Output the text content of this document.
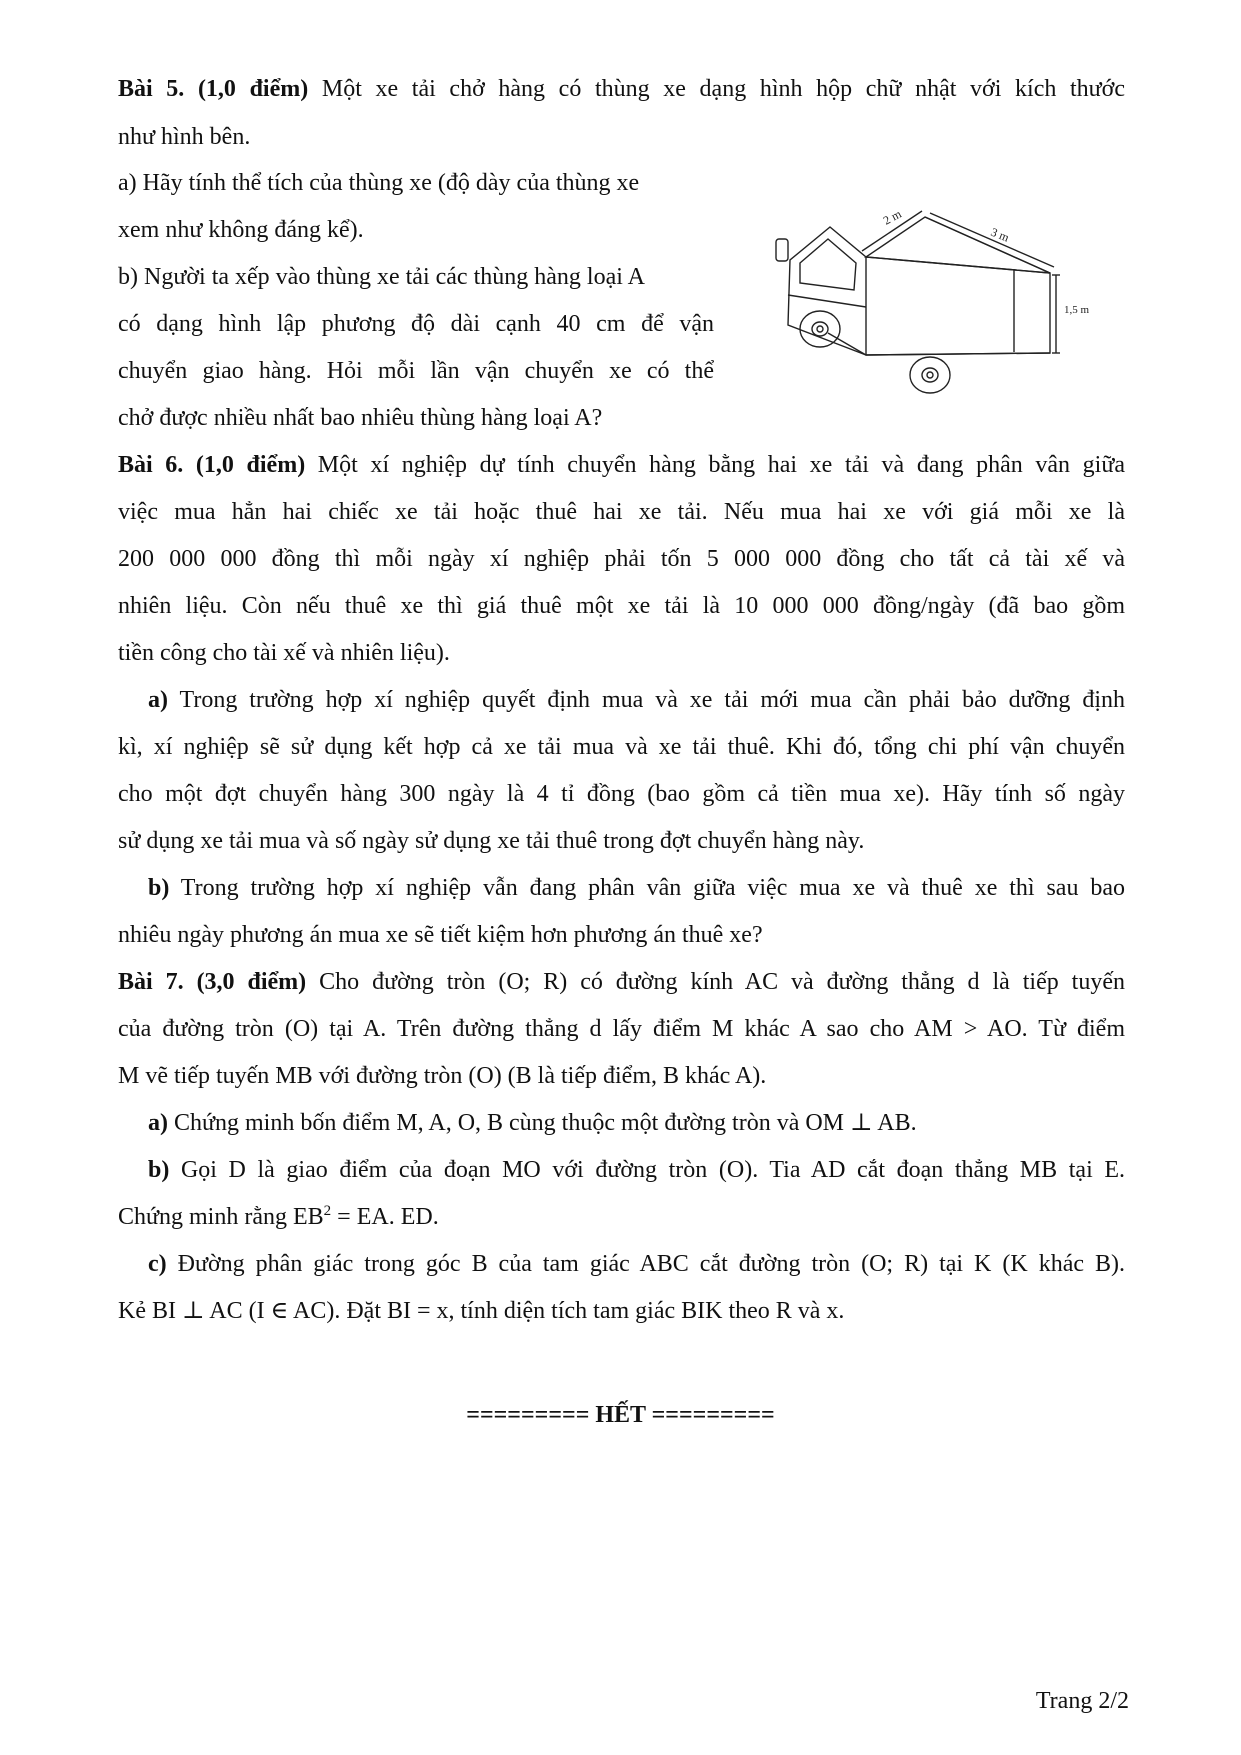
Bài 5. (1,0 điểm) Một xe tải chở hàng có thùng xe dạng hình hộp chữ nhật với kích thước
như hình bên.
a) Hãy tính thể tích của thùng xe (độ dày của thùng xe
xem như không đáng kể).
b) Người ta xếp vào thùng xe tải các thùng hàng loại A
có dạng hình lập phương độ dài cạnh 40 cm để vận
chuyển giao hàng. Hỏi mỗi lần vận chuyển xe có thể
chở được nhiều nhất bao nhiêu thùng hàng loại A?
2 m
3 m
1,5 m
Bài 6. (1,0 điểm) Một xí nghiệp dự tính chuyển hàng bằng hai xe tải và đang phân vân giữa
việc mua hẳn hai chiếc xe tải hoặc thuê hai xe tải. Nếu mua hai xe với giá mỗi xe là
200 000 000 đồng thì mỗi ngày xí nghiệp phải tốn 5 000 000 đồng cho tất cả tài xế và
nhiên liệu. Còn nếu thuê xe thì giá thuê một xe tải là 10 000 000 đồng/ngày (đã bao gồm
tiền công cho tài xế và nhiên liệu).
a) Trong trường hợp xí nghiệp quyết định mua và xe tải mới mua cần phải bảo dưỡng định
kì, xí nghiệp sẽ sử dụng kết hợp cả xe tải mua và xe tải thuê. Khi đó, tổng chi phí vận chuyển
cho một đợt chuyển hàng 300 ngày là 4 tỉ đồng (bao gồm cả tiền mua xe). Hãy tính số ngày
sử dụng xe tải mua và số ngày sử dụng xe tải thuê trong đợt chuyển hàng này.
b) Trong trường hợp xí nghiệp vẫn đang phân vân giữa việc mua xe và thuê xe thì sau bao
nhiêu ngày phương án mua xe sẽ tiết kiệm hơn phương án thuê xe?
Bài 7. (3,0 điểm) Cho đường tròn (O; R) có đường kính AC và đường thẳng d là tiếp tuyến
của đường tròn (O) tại A. Trên đường thẳng d lấy điểm M khác A sao cho AM > AO. Từ điểm
M vẽ tiếp tuyến MB với đường tròn (O) (B là tiếp điểm, B khác A).
a) Chứng minh bốn điểm M, A, O, B cùng thuộc một đường tròn và OM ⊥ AB.
b) Gọi D là giao điểm của đoạn MO với đường tròn (O). Tia AD cắt đoạn thẳng MB tại E.
Chứng minh rằng $EB^2$ = EA. ED.
c) Đường phân giác trong góc B của tam giác ABC cắt đường tròn (O; R) tại K (K khác B).
Kẻ BI ⊥ AC (I ∈ AC). Đặt BI = x, tính diện tích tam giác BIK theo R và x.
========= HẾT =========
Trang 2/2
